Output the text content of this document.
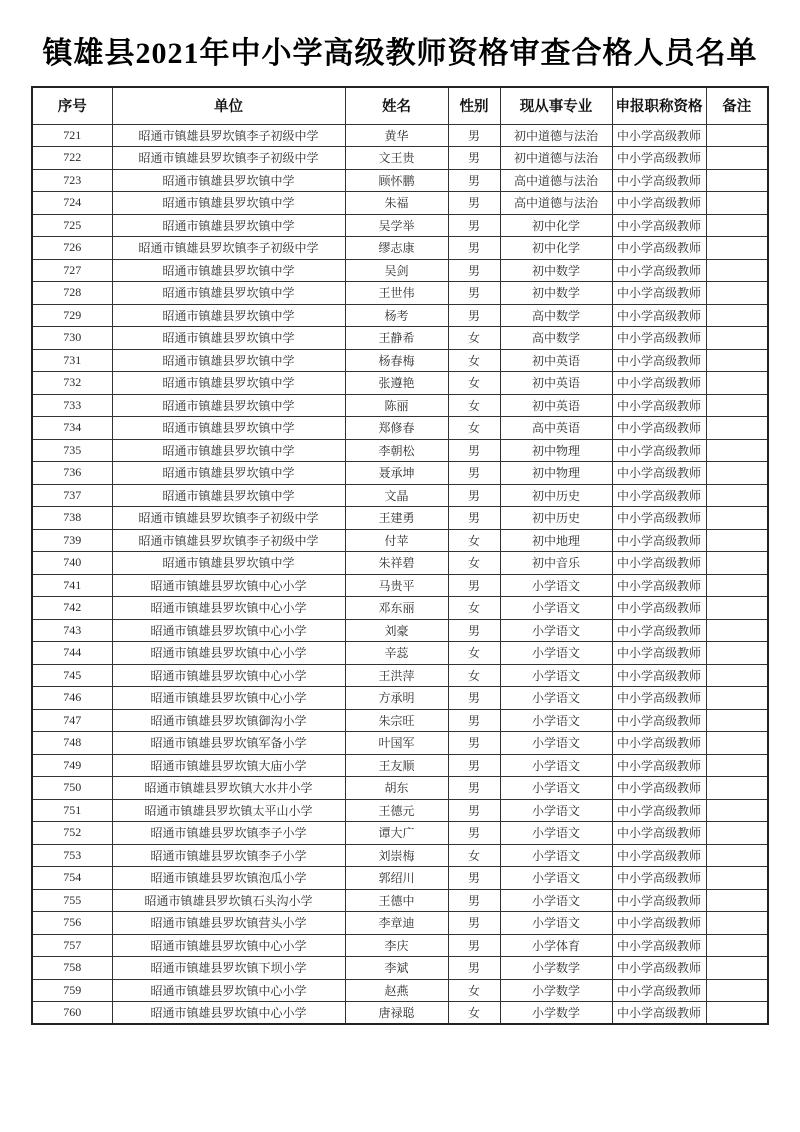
镇雄县2021年中小学高级教师资格审查合格人员名单
序号	单位	姓名	性别	现从事专业	申报职称资格	备注
721	昭通市镇雄县罗坎镇李子初级中学	黄华	男	初中道德与法治	中小学高级教师	
722	昭通市镇雄县罗坎镇李子初级中学	文王贵	男	初中道德与法治	中小学高级教师	
723	昭通市镇雄县罗坎镇中学	顾怀鹏	男	高中道德与法治	中小学高级教师	
724	昭通市镇雄县罗坎镇中学	朱福	男	高中道德与法治	中小学高级教师	
725	昭通市镇雄县罗坎镇中学	吴学举	男	初中化学	中小学高级教师	
726	昭通市镇雄县罗坎镇李子初级中学	缪志康	男	初中化学	中小学高级教师	
727	昭通市镇雄县罗坎镇中学	吴剑	男	初中数学	中小学高级教师	
728	昭通市镇雄县罗坎镇中学	王世伟	男	初中数学	中小学高级教师	
729	昭通市镇雄县罗坎镇中学	杨考	男	高中数学	中小学高级教师	
730	昭通市镇雄县罗坎镇中学	王静希	女	高中数学	中小学高级教师	
731	昭通市镇雄县罗坎镇中学	杨春梅	女	初中英语	中小学高级教师	
732	昭通市镇雄县罗坎镇中学	张遵艳	女	初中英语	中小学高级教师	
733	昭通市镇雄县罗坎镇中学	陈丽	女	初中英语	中小学高级教师	
734	昭通市镇雄县罗坎镇中学	郑修春	女	高中英语	中小学高级教师	
735	昭通市镇雄县罗坎镇中学	李朝松	男	初中物理	中小学高级教师	
736	昭通市镇雄县罗坎镇中学	聂承坤	男	初中物理	中小学高级教师	
737	昭通市镇雄县罗坎镇中学	文晶	男	初中历史	中小学高级教师	
738	昭通市镇雄县罗坎镇李子初级中学	王建勇	男	初中历史	中小学高级教师	
739	昭通市镇雄县罗坎镇李子初级中学	付苹	女	初中地理	中小学高级教师	
740	昭通市镇雄县罗坎镇中学	朱祥碧	女	初中音乐	中小学高级教师	
741	昭通市镇雄县罗坎镇中心小学	马贵平	男	小学语文	中小学高级教师	
742	昭通市镇雄县罗坎镇中心小学	邓东丽	女	小学语文	中小学高级教师	
743	昭通市镇雄县罗坎镇中心小学	刘豪	男	小学语文	中小学高级教师	
744	昭通市镇雄县罗坎镇中心小学	辛蕊	女	小学语文	中小学高级教师	
745	昭通市镇雄县罗坎镇中心小学	王洪萍	女	小学语文	中小学高级教师	
746	昭通市镇雄县罗坎镇中心小学	方承明	男	小学语文	中小学高级教师	
747	昭通市镇雄县罗坎镇御沟小学	朱宗旺	男	小学语文	中小学高级教师	
748	昭通市镇雄县罗坎镇军备小学	叶国军	男	小学语文	中小学高级教师	
749	昭通市镇雄县罗坎镇大庙小学	王友顺	男	小学语文	中小学高级教师	
750	昭通市镇雄县罗坎镇大水井小学	胡东	男	小学语文	中小学高级教师	
751	昭通市镇雄县罗坎镇太平山小学	王德元	男	小学语文	中小学高级教师	
752	昭通市镇雄县罗坎镇李子小学	谭大广	男	小学语文	中小学高级教师	
753	昭通市镇雄县罗坎镇李子小学	刘崇梅	女	小学语文	中小学高级教师	
754	昭通市镇雄县罗坎镇泡瓜小学	郭绍川	男	小学语文	中小学高级教师	
755	昭通市镇雄县罗坎镇石头沟小学	王德中	男	小学语文	中小学高级教师	
756	昭通市镇雄县罗坎镇营头小学	李章迪	男	小学语文	中小学高级教师	
757	昭通市镇雄县罗坎镇中心小学	李庆	男	小学体育	中小学高级教师	
758	昭通市镇雄县罗坎镇下坝小学	李斌	男	小学数学	中小学高级教师	
759	昭通市镇雄县罗坎镇中心小学	赵燕	女	小学数学	中小学高级教师	
760	昭通市镇雄县罗坎镇中心小学	唐禄聪	女	小学数学	中小学高级教师	
